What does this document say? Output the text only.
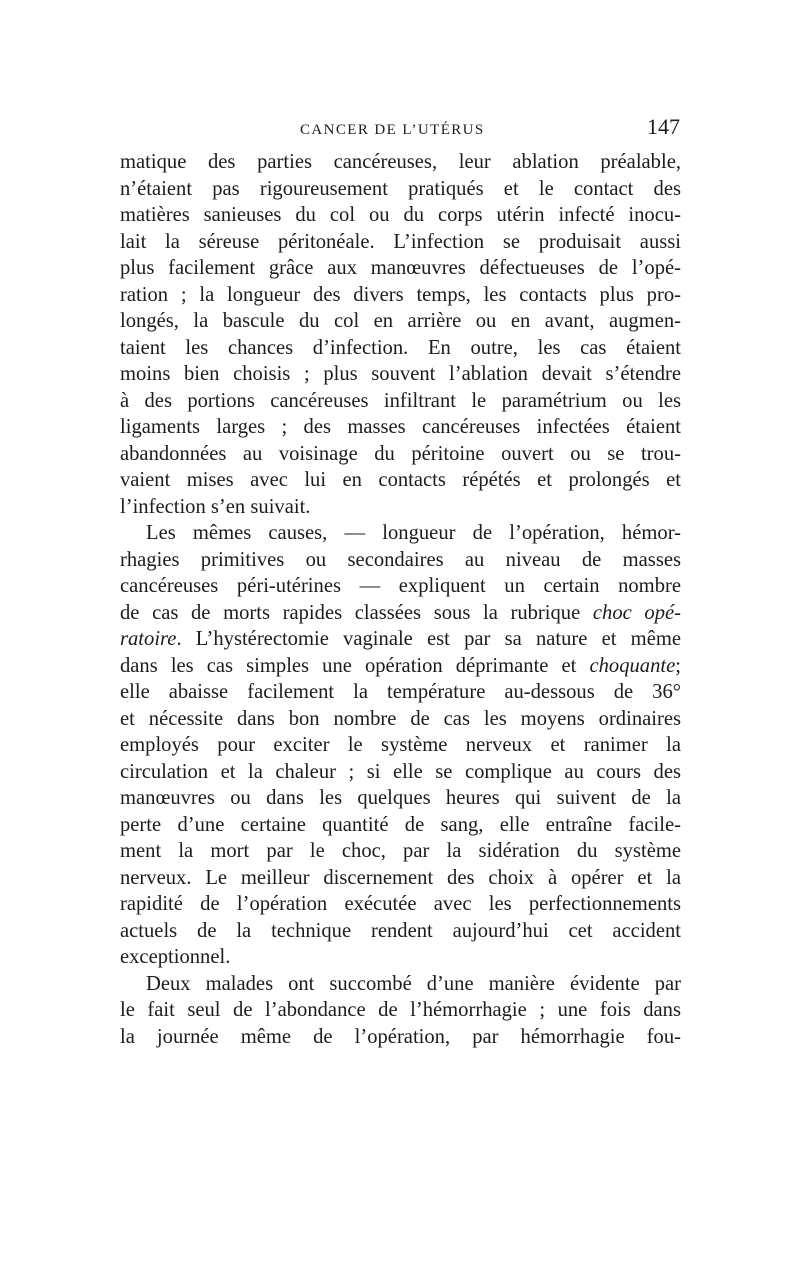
CANCER DE L’UTÉRUS	147
matique des parties cancéreuses, leur ablation préalable,
n’étaient pas rigoureusement pratiqués et le contact des
matières sanieuses du col ou du corps utérin infecté inocu-
lait la séreuse péritonéale. L’infection se produisait aussi
plus facilement grâce aux manœuvres défectueuses de l’opé-
ration ; la longueur des divers temps, les contacts plus pro-
longés, la bascule du col en arrière ou en avant, augmen-
taient les chances d’infection. En outre, les cas étaient
moins bien choisis ; plus souvent l’ablation devait s’étendre
à des portions cancéreuses infiltrant le paramétrium ou les
ligaments larges ; des masses cancéreuses infectées étaient
abandonnées au voisinage du péritoine ouvert ou se trou-
vaient mises avec lui en contacts répétés et prolongés et
l’infection s’en suivait.
Les mêmes causes, — longueur de l’opération, hémor-
rhagies primitives ou secondaires au niveau de masses
cancéreuses péri-utérines — expliquent un certain nombre
de cas de morts rapides classées sous la rubrique choc opé-
ratoire. L’hystérectomie vaginale est par sa nature et même
dans les cas simples une opération déprimante et choquante;
elle abaisse facilement la température au-dessous de 36°
et nécessite dans bon nombre de cas les moyens ordinaires
employés pour exciter le système nerveux et ranimer la
circulation et la chaleur ; si elle se complique au cours des
manœuvres ou dans les quelques heures qui suivent de la
perte d’une certaine quantité de sang, elle entraîne facile-
ment la mort par le choc, par la sidération du système
nerveux. Le meilleur discernement des choix à opérer et la
rapidité de l’opération exécutée avec les perfectionnements
actuels de la technique rendent aujourd’hui cet accident
exceptionnel.
Deux malades ont succombé d’une manière évidente par
le fait seul de l’abondance de l’hémorrhagie ; une fois dans
la journée même de l’opération, par hémorrhagie fou-
